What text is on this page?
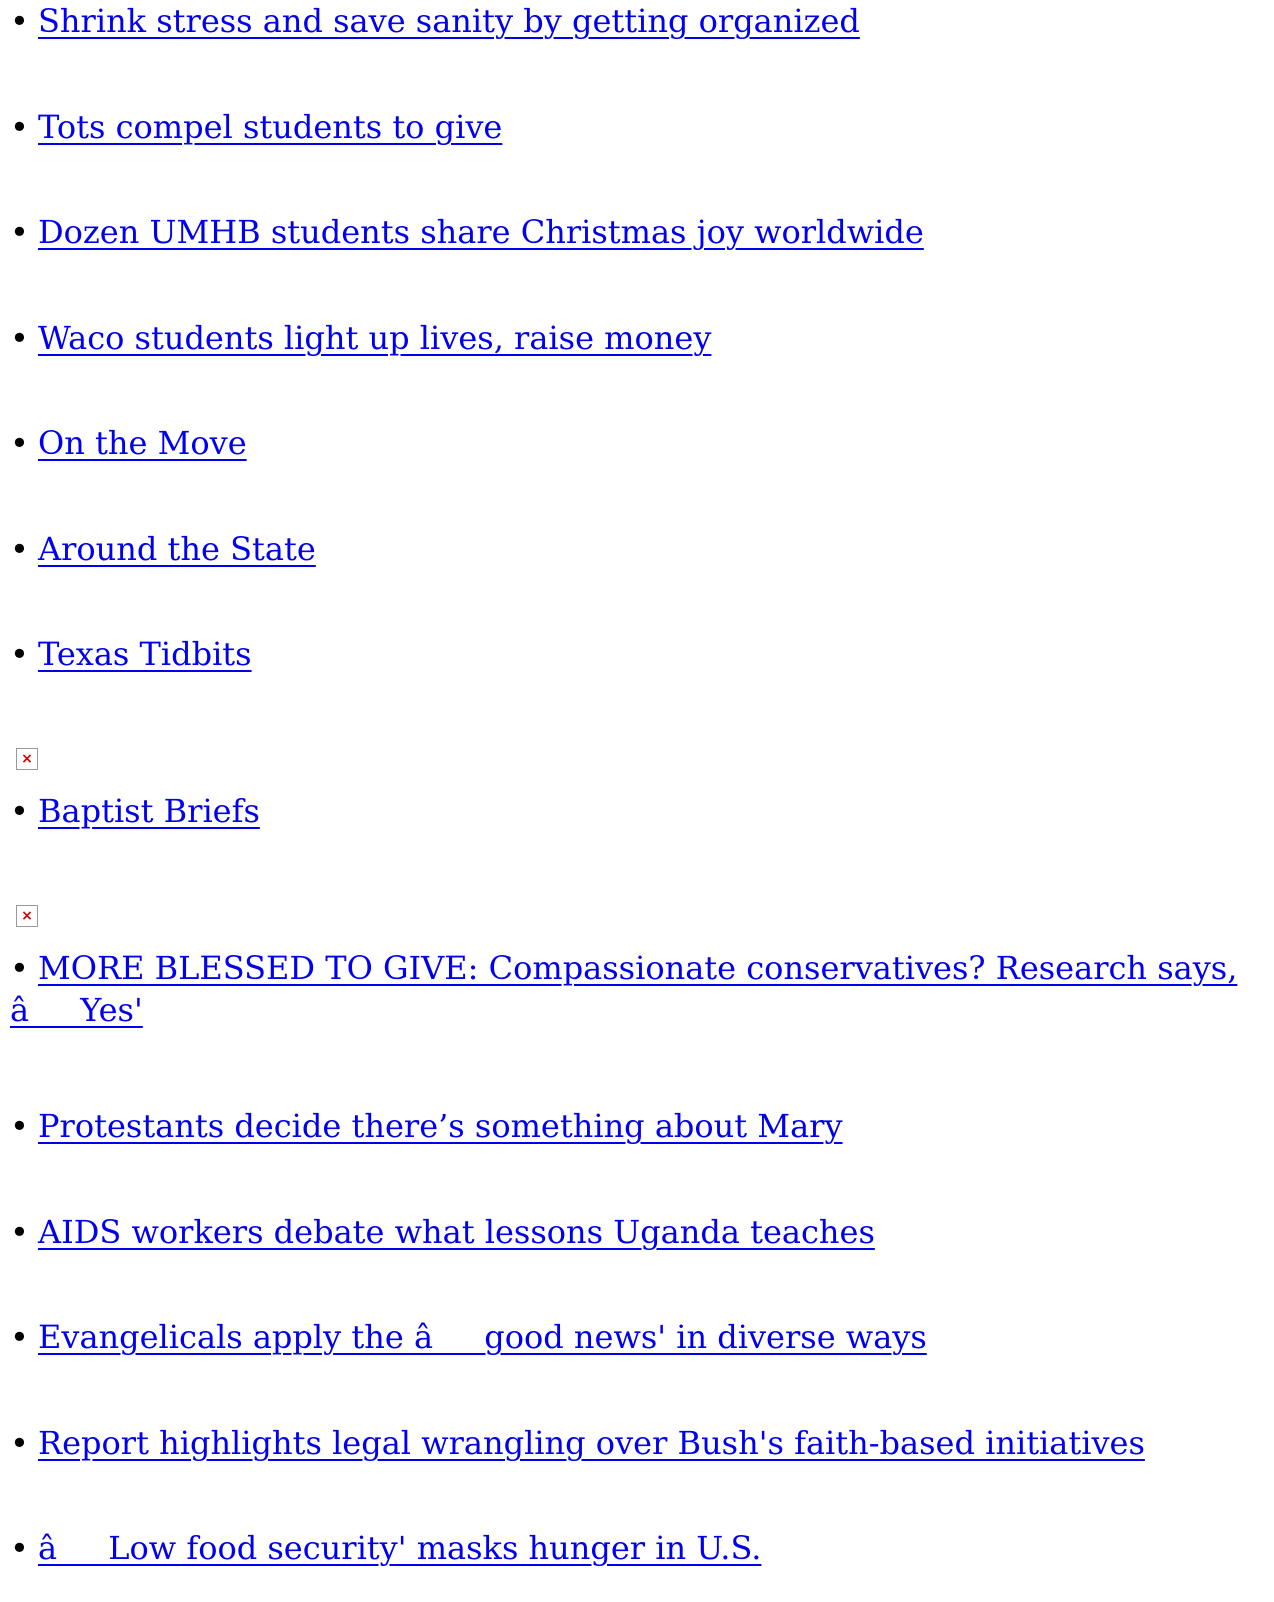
• Shrink stress and save sanity by getting organized
• Tots compel students to give
• Dozen UMHB students share Christmas joy worldwide
• Waco students light up lives, raise money
• On the Move
• Around the State
• Texas Tidbits
×
• Baptist Briefs
×
• MORE BLESSED TO GIVE: Compassionate conservatives? Research says, âYes'
• Protestants decide there’s something about Mary
• AIDS workers debate what lessons Uganda teaches
• Evangelicals apply the âgood news' in diverse ways
• Report highlights legal wrangling over Bush's faith-based initiatives
• âLow food security' masks hunger in U.S.
